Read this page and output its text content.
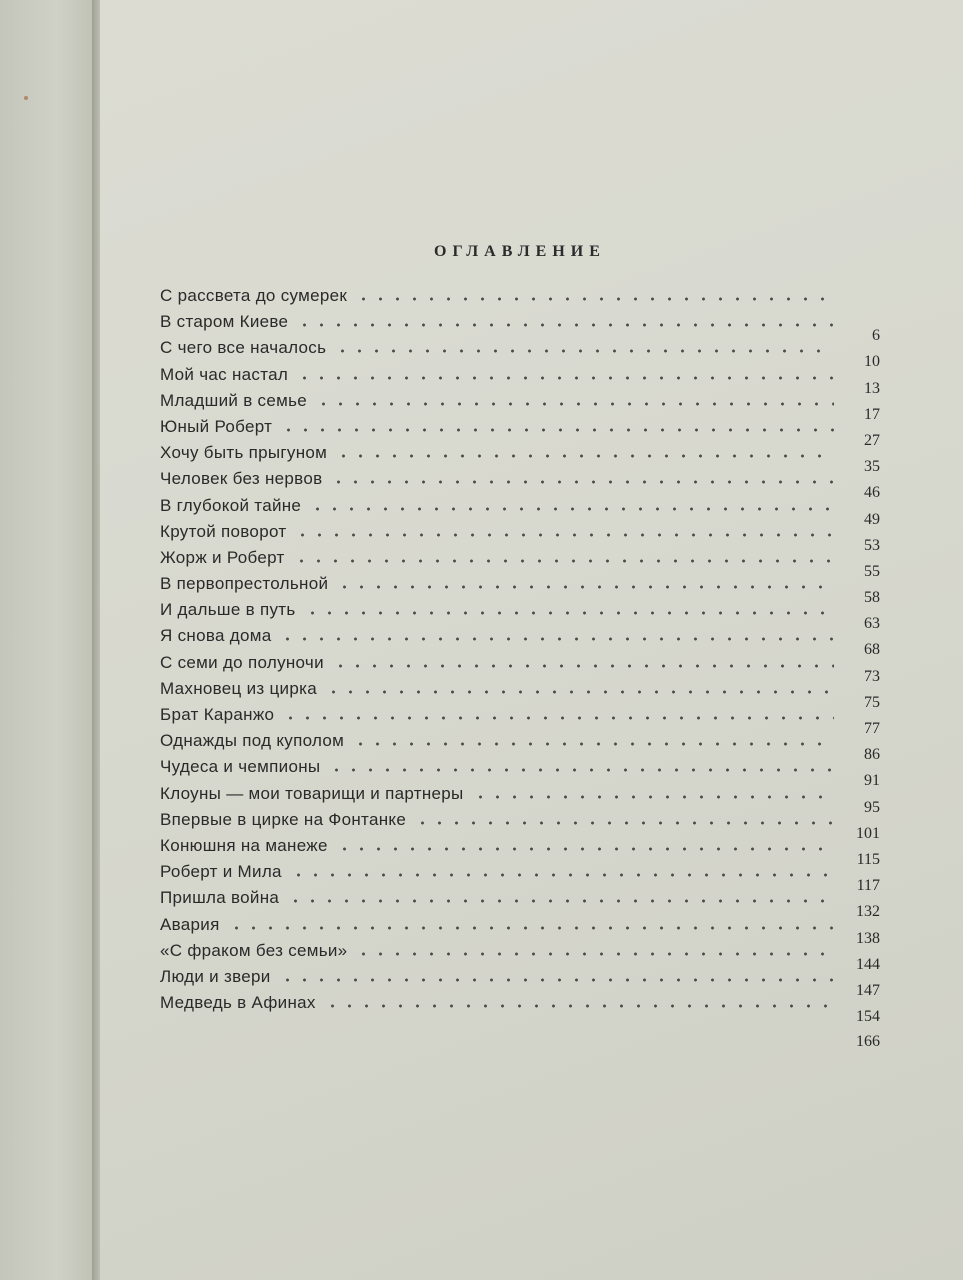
ОГЛАВЛЕНИЕ
С рассвета до сумерек
В старом Киеве
6
С чего все началось
10
Мой час настал
13
Младший в семье
17
Юный Роберт
27
Хочу быть прыгуном
35
Человек без нервов
46
В глубокой тайне
49
Крутой поворот
53
Жорж и Роберт
55
В первопрестольной
58
И дальше в путь
63
Я снова дома
68
С семи до полуночи
73
Махновец из цирка
75
Брат Каранжо
77
Однажды под куполом
86
Чудеса и чемпионы
91
Клоуны — мои товарищи и партнеры
95
Впервые в цирке на Фонтанке
101
Конюшня на манеже
115
Роберт и Мила
117
Пришла война
132
Авария
138
«С фраком без семьи»
144
Люди и звери
147
Медведь в Афинах
154
166
